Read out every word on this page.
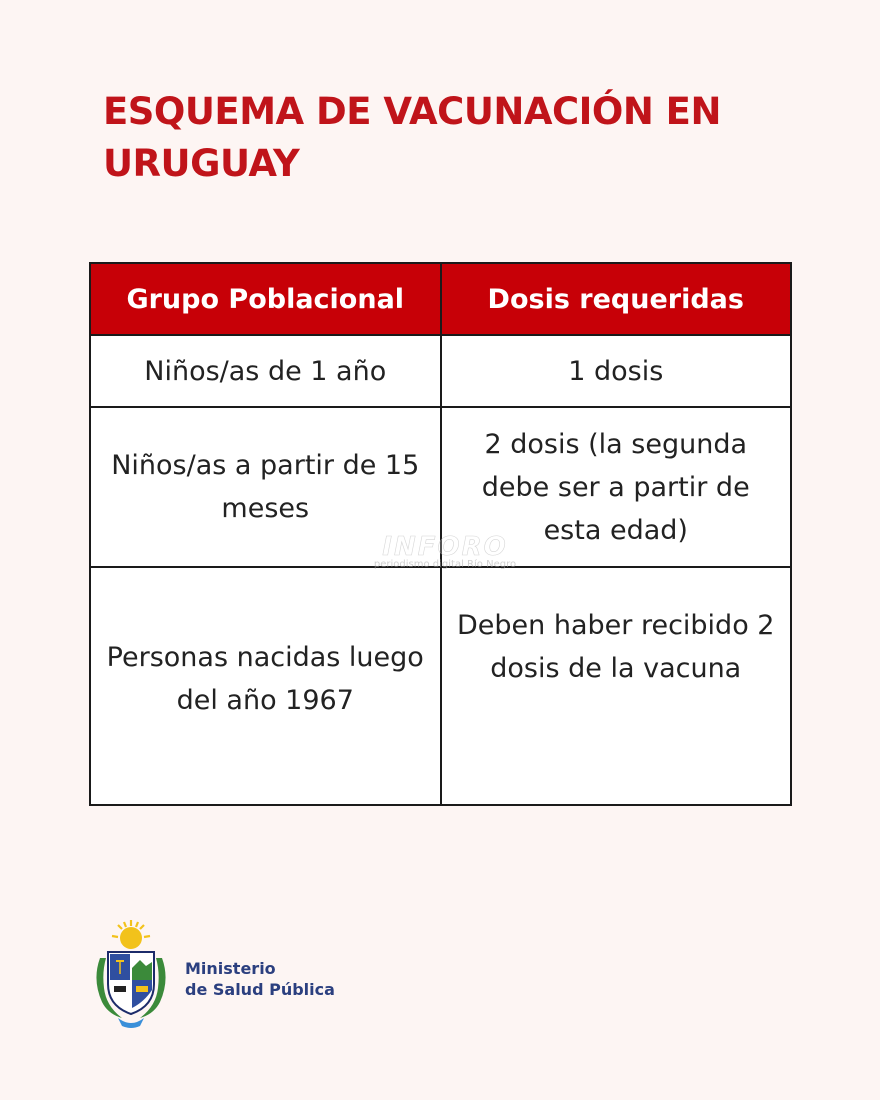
ESQUEMA DE VACUNACIÓN EN URUGUAY
Grupo Poblacional	Dosis requeridas
Niños/as de 1 año	1 dosis
Niños/as a partir de 15 meses	2 dosis (la segunda debe ser a partir de esta edad)
Personas nacidas luego del año 1967	Deben haber recibido 2 dosis de la vacuna
INFORO
periodismo digital Río Negro
Ministerio
de Salud Pública
